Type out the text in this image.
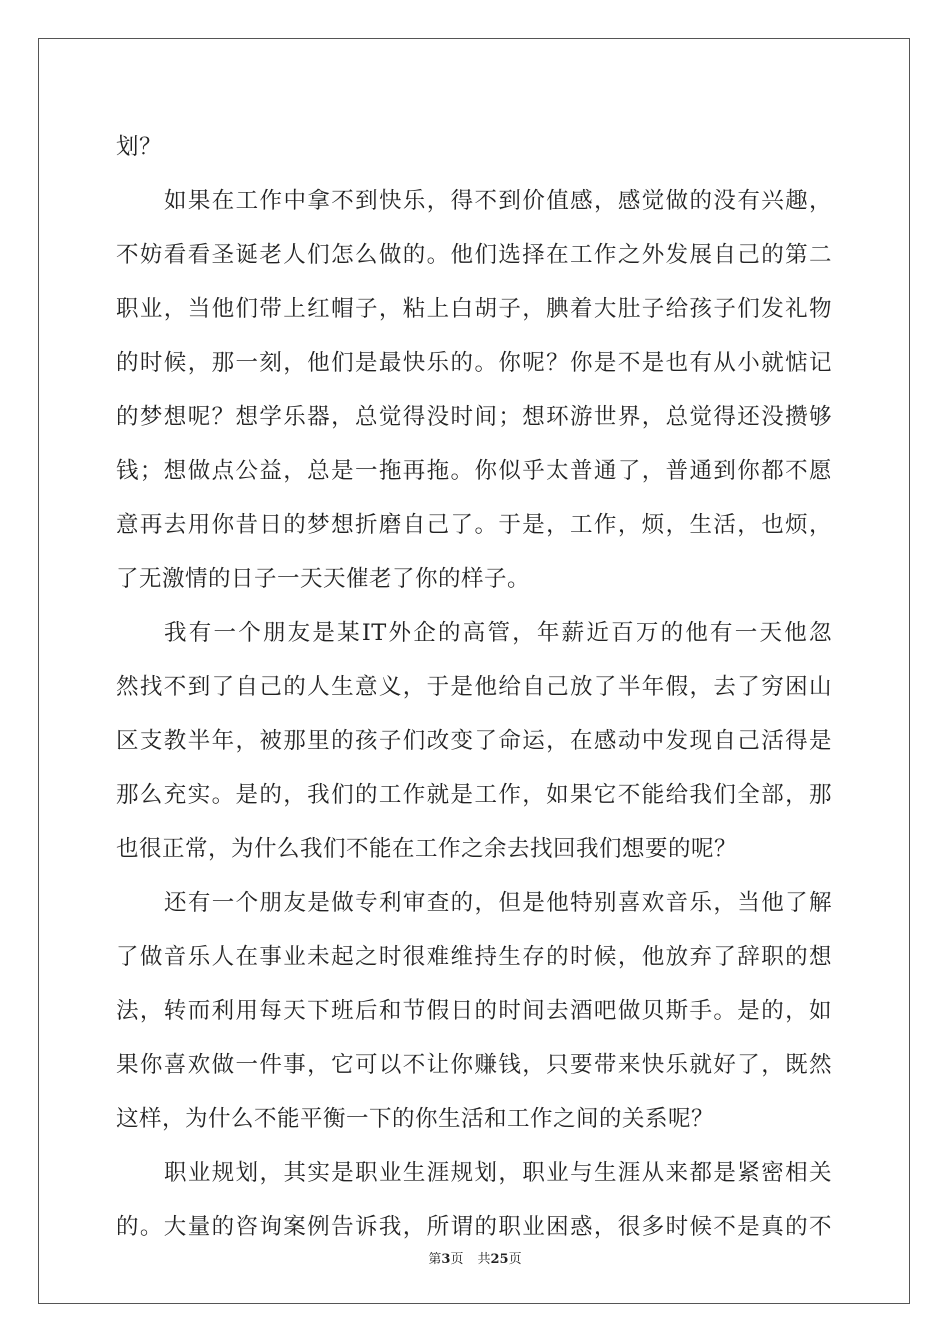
划？
如果在工作中拿不到快乐，得不到价值感，感觉做的没有兴趣，
不妨看看圣诞老人们怎么做的。他们选择在工作之外发展自己的第二
职业，当他们带上红帽子，粘上白胡子，腆着大肚子给孩子们发礼物
的时候，那一刻，他们是最快乐的。你呢？你是不是也有从小就惦记
的梦想呢？想学乐器，总觉得没时间；想环游世界，总觉得还没攒够
钱；想做点公益，总是一拖再拖。你似乎太普通了，普通到你都不愿
意再去用你昔日的梦想折磨自己了。于是，工作，烦，生活，也烦，
了无激情的日子一天天催老了你的样子。
我有一个朋友是某IT外企的高管，年薪近百万的他有一天他忽
然找不到了自己的人生意义，于是他给自己放了半年假，去了穷困山
区支教半年，被那里的孩子们改变了命运，在感动中发现自己活得是
那么充实。是的，我们的工作就是工作，如果它不能给我们全部，那
也很正常，为什么我们不能在工作之余去找回我们想要的呢？
还有一个朋友是做专利审查的，但是他特别喜欢音乐，当他了解
了做音乐人在事业未起之时很难维持生存的时候，他放弃了辞职的想
法，转而利用每天下班后和节假日的时间去酒吧做贝斯手。是的，如
果你喜欢做一件事，它可以不让你赚钱，只要带来快乐就好了，既然
这样，为什么不能平衡一下的你生活和工作之间的关系呢？
职业规划，其实是职业生涯规划，职业与生涯从来都是紧密相关
的。大量的咨询案例告诉我，所谓的职业困惑，很多时候不是真的不
第3页 共25页
